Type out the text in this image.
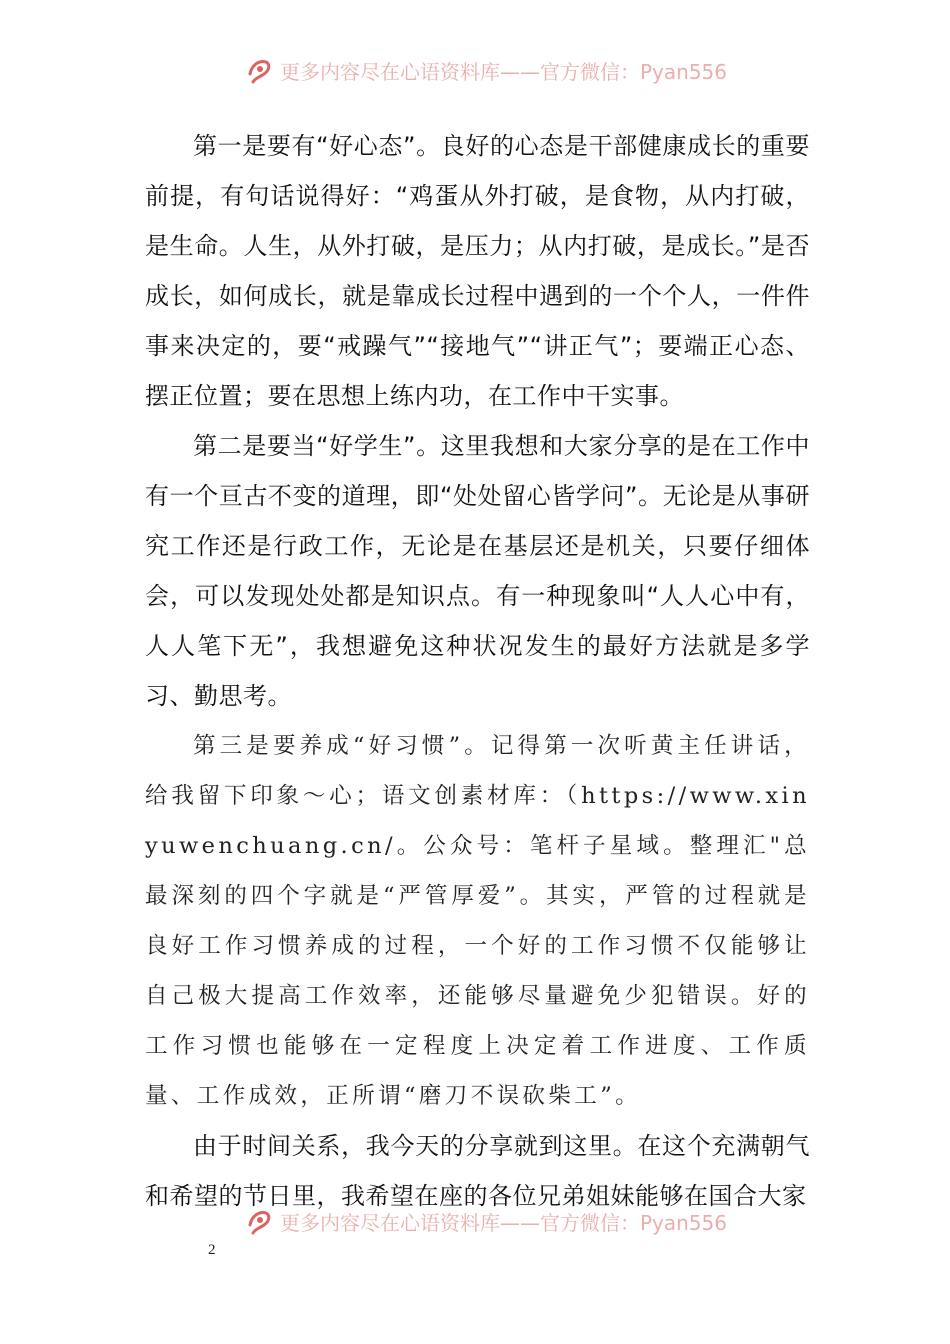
更多内容尽在心语资料库——官方微信：Pyan556

第一是要有“好心态”。良好的心态是干部健康成长的重要前提，有句话说得好：“鸡蛋从外打破，是食物，从内打破，是生命。人生，从外打破，是压力；从内打破，是成长。”是否成长，如何成长，就是靠成长过程中遇到的一个个人，一件件事来决定的，要“戒躁气”“接地气”“讲正气”；要端正心态、摆正位置；要在思想上练内功，在工作中干实事。

第二是要当“好学生”。这里我想和大家分享的是在工作中有一个亘古不变的道理，即“处处留心皆学问”。无论是从事研究工作还是行政工作，无论是在基层还是机关，只要仔细体会，可以发现处处都是知识点。有一种现象叫“人人心中有，人人笔下无”，我想避免这种状况发生的最好方法就是多学习、勤思考。

第三是要养成“好习惯”。记得第一次听黄主任讲话，给我留下印象～心；语文创素材库：（https://www.xinyuwenchuang.cn/。公众号：笔杆子星域。整理汇"总最深刻的四个字就是“严管厚爱”。其实，严管的过程就是良好工作习惯养成的过程，一个好的工作习惯不仅能够让自己极大提高工作效率，还能够尽量避免少犯错误。好的工作习惯也能够在一定程度上决定着工作进度、工作质量、工作成效，正所谓“磨刀不误砍柴工”。

由于时间关系，我今天的分享就到这里。在这个充满朝气和希望的节日里，我希望在座的各位兄弟姐妹能够在国合大家

更多内容尽在心语资料库——官方微信：Pyan556
2
